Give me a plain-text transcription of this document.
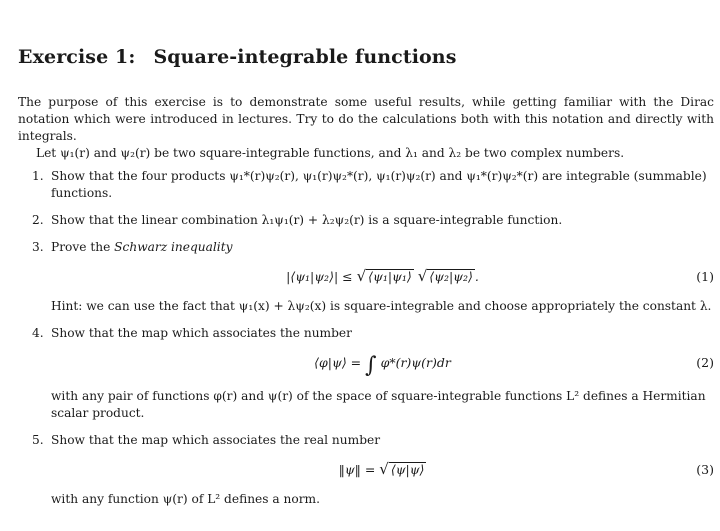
Exercise 1: Square-integrable functions

The purpose of this exercise is to demonstrate some useful results, while getting familiar with the Dirac notation which were introduced in lectures. Try to do the calculations both with this notation and directly with integrals.
Let ψ₁(r) and ψ₂(r) be two square-integrable functions, and λ₁ and λ₂ be two complex numbers.

1. Show that the four products ψ₁*(r)ψ₂(r), ψ₁(r)ψ₂*(r), ψ₁(r)ψ₂(r) and ψ₁*(r)ψ₂*(r) are integrable (summable) functions.
2. Show that the linear combination λ₁ψ₁(r) + λ₂ψ₂(r) is a square-integrable function.
3. Prove the Schwarz inequality
|⟨ψ₁|ψ₂⟩| ≤ √ ⟨ψ₁|ψ₁⟩ √ ⟨ψ₂|ψ₂⟩ .	(1)
Hint: we can use the fact that ψ₁(x) + λψ₂(x) is square-integrable and choose appropriately the constant λ.
4. Show that the map which associates the number
⟨φ|ψ⟩ = ∫ φ*(r)ψ(r)dr	(2)
with any pair of functions φ(r) and ψ(r) of the space of square-integrable functions L² defines a Hermitian scalar product.
5. Show that the map which associates the real number
‖ψ‖ = √ ⟨ψ|ψ⟩	(3)
with any function ψ(r) of L² defines a norm.
